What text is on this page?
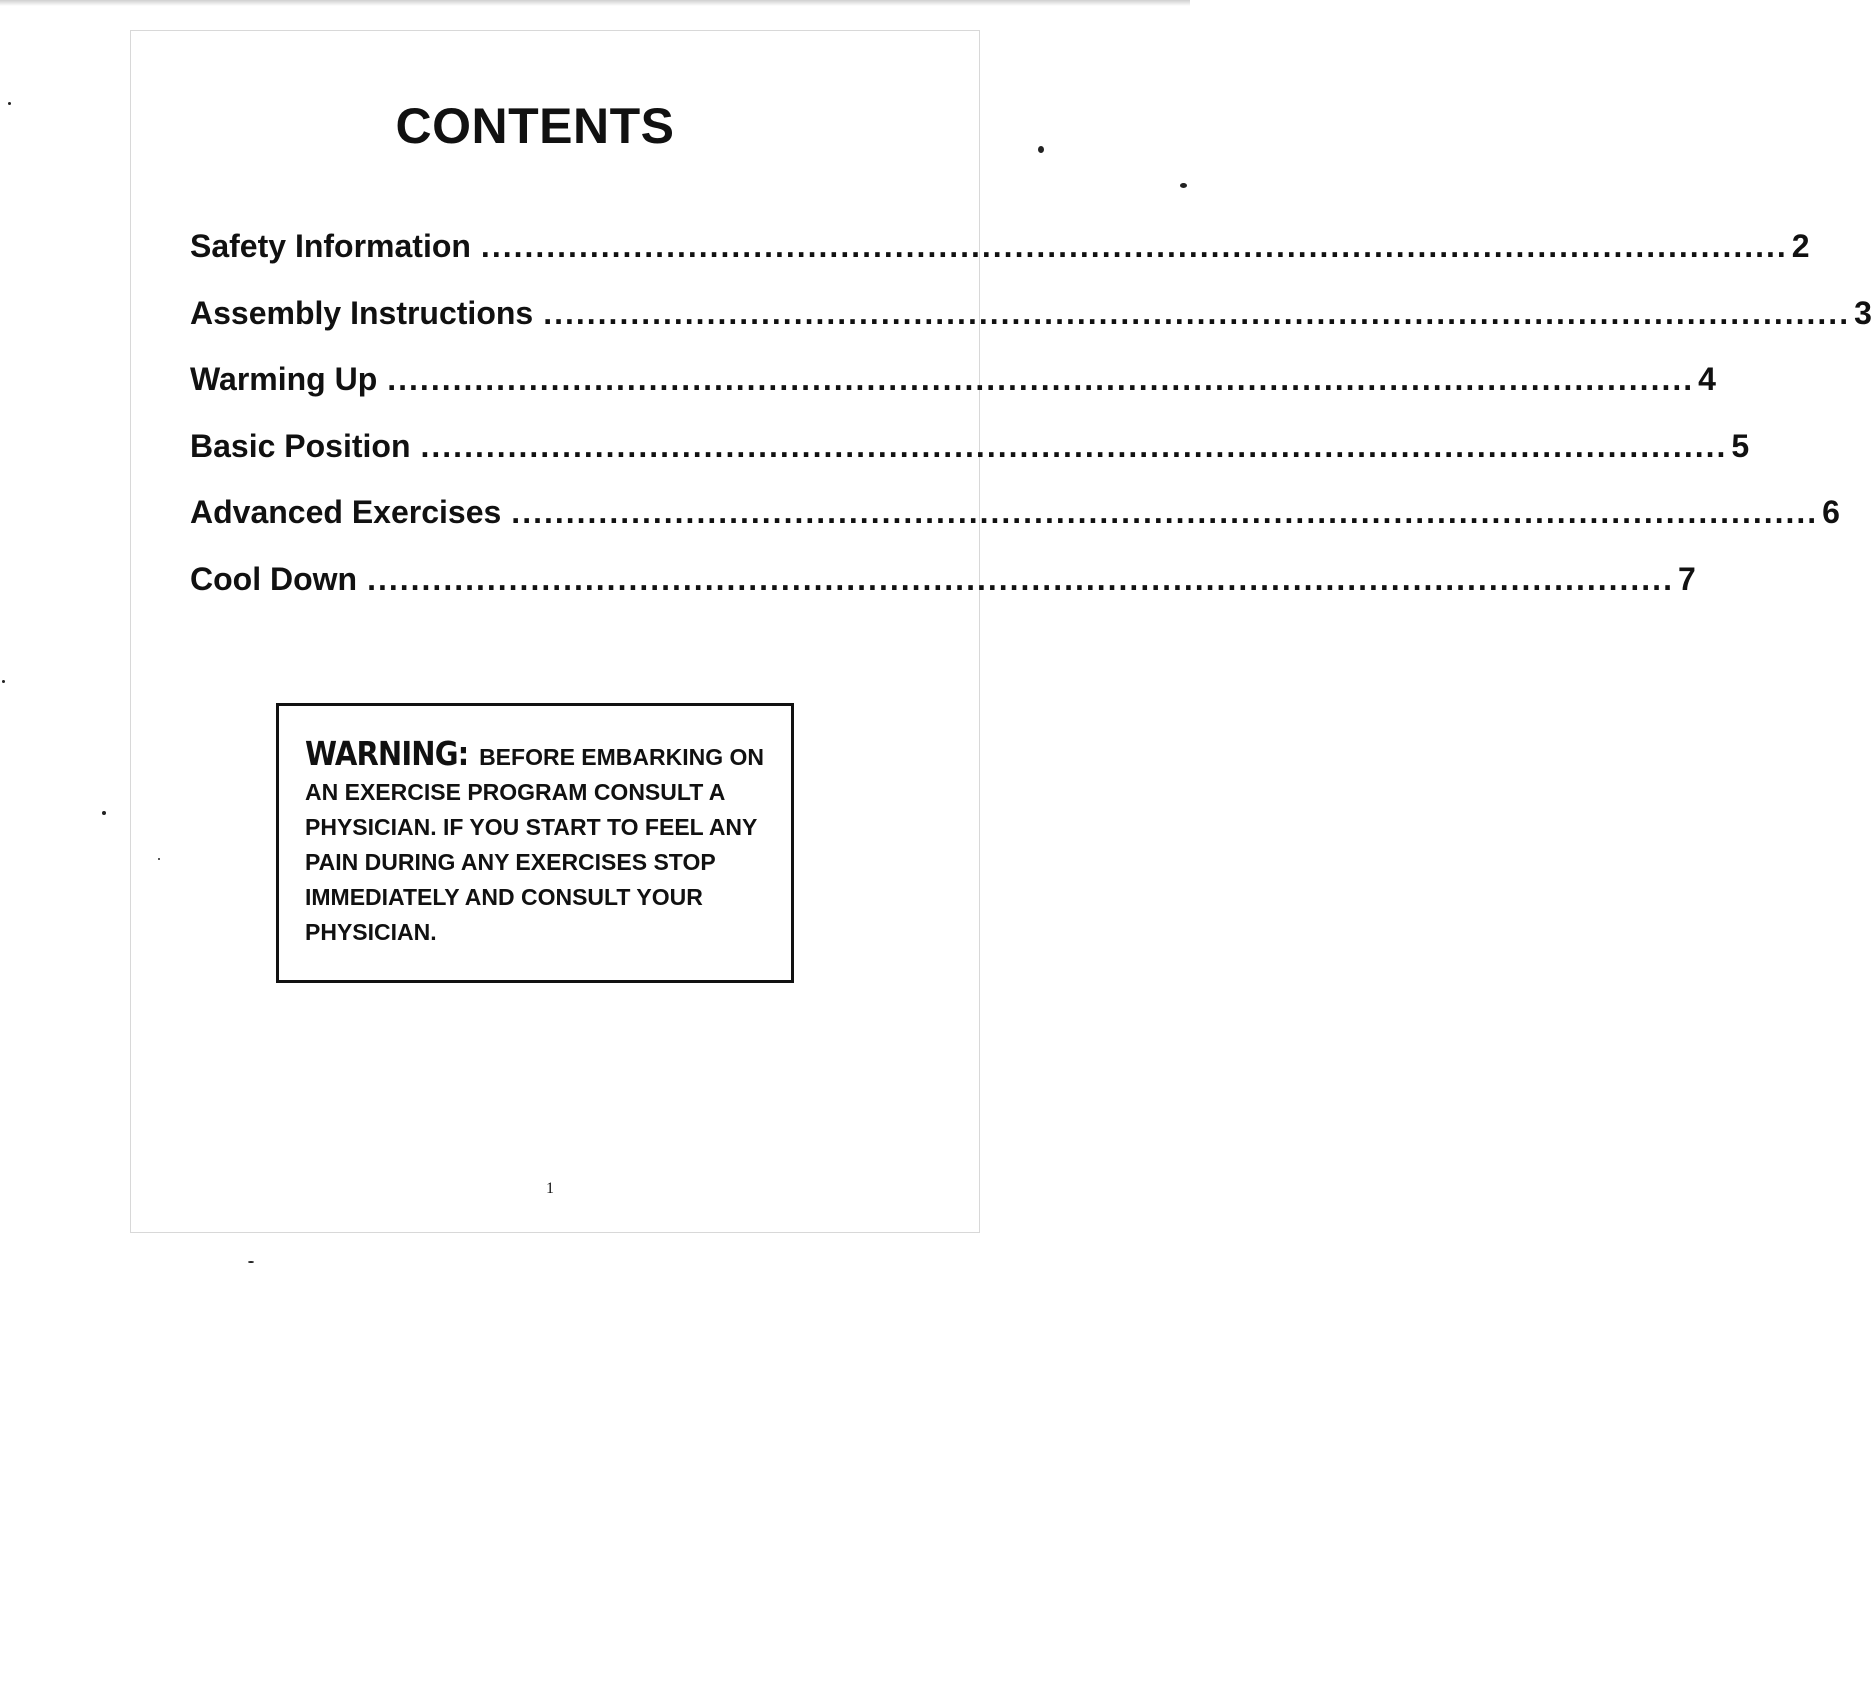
CONTENTS
Safety Information ........................................................................................................................ 2
Assembly Instructions ........................................................................................................................ 3
Warming Up ........................................................................................................................ 4
Basic Position ........................................................................................................................ 5
Advanced Exercises ........................................................................................................................ 6
Cool Down ........................................................................................................................ 7

WARNING: BEFORE EMBARKING ON AN EXERCISE PROGRAM CONSULT A PHYSICIAN. IF YOU START TO FEEL ANY PAIN DURING ANY EXERCISES STOP IMMEDIATELY AND CONSULT YOUR PHYSICIAN.

1
